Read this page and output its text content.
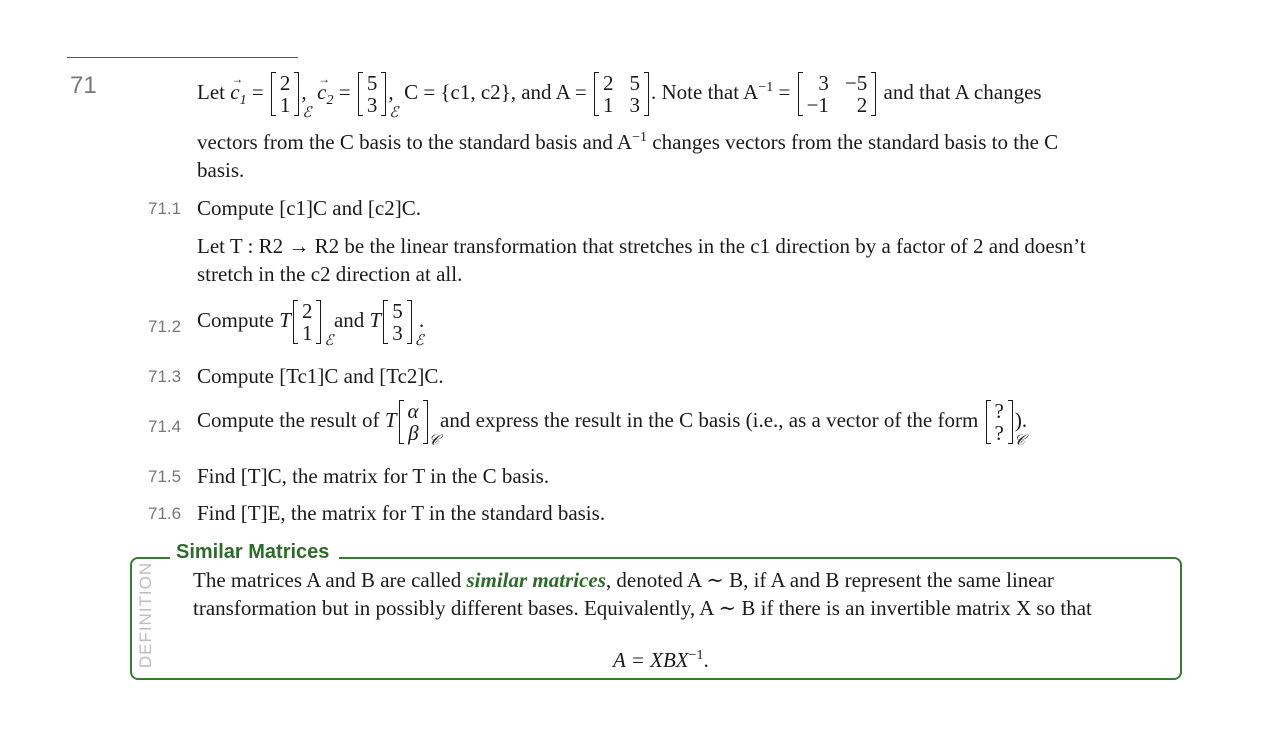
71	Let → $c_1 = 2$
1 ℰ
,  → $c_2 = 5$
3 ℰ
,  C = {c1, c2}, and A = 2 5
1 3
. Note that $A^{-1}$ =	3 −5
−1	2
and that A changes
vectors from the C basis to the standard basis and $A^{-1}$ changes vectors from the standard basis to the C
basis.
71.1 Compute [c1]C and [c2]C.
Let T : R2 → R2 be the linear transformation that stretches in the c1 direction by a factor of 2 and doesn’t
stretch in the c2 direction at all.
71.2 Compute T 2
1 ℰ
and T 5
3 ℰ
.
71.3 Compute [Tc1]C and [Tc2]C.
71.4 Compute the result of T α
β 𝒞
and express the result in the C basis (i.e., as a vector of the form ?
? 𝒞
).
71.5 Find [T]C, the matrix for T in the C basis.
71.6 Find [T]E, the matrix for T in the standard basis.
Similar Matrices
DEFINITION The matrices A and B are called similar matrices, denoted A ∼ B, if A and B represent the same linear transformation but in possibly different bases. Equivalently, A ∼ B if there is an invertible matrix X so that
$A = XBX^{-1}$.
